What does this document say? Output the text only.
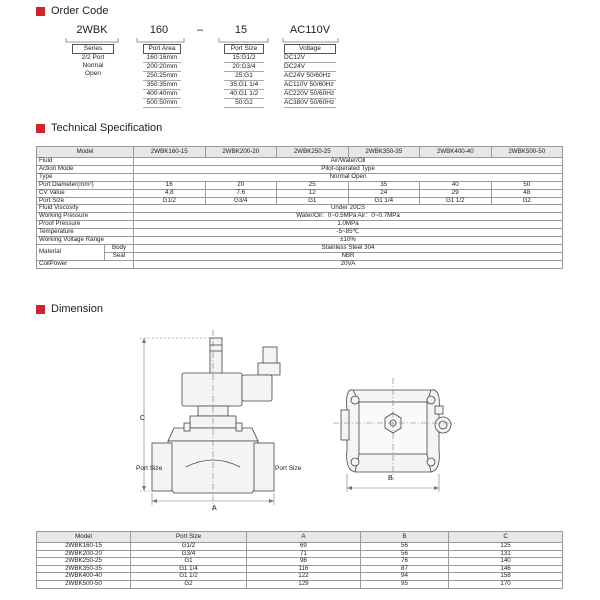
Order Code
2WBK	160	–	15	AC110V
Series
2/2 Port Normal
Open
Port Area
160:16mm
200:20mm
250:25mm
350:35mm
400:40mm
500:50mm
Port Size
15:G1/2
20:G3/4
25:G1
35:G1 1/4
40:G1 1/2
50:G2
Voltage
DC12V
DC24V
AC24V 50/60Hz
AC110V 50/60Hz
AC220V 50/60Hz
AC380V 50/60Hz
Technical Specification
Model		2WBK160-15	2WBK200-20	2WBK250-25	2WBK350-35	2WBK400-40	2WBK500-50
Fluid		Air/Water/Oil					
Action Mode		Pilot-operated Type					
Type		Normal Open					
Port Diameter(mm²)		16	20	25	35	40	50
CV Value		4.8	7.6	12	24	29	48
Port Size		G1/2	G3/4	G1	G1 1/4	G1 1/2	G2
Fluid Viscosity		Under 20CS					
Working Pressure		Water/Oil：0~0.5MPa Air：0~0.7MPa					
Proof Pressure		1.0MPa					
Temperature		-5~85℃					
Working Voltage Range		±10%					
Material	Body	Stainless Steel 304					
	Seal	NBR					
CoilPower		20VA					
Dimension
C
A
Port Size	Port Size
B
Model	Port Size	A	B	C
2WBK160-15	G1/2	69	56	125
2WBK200-20	G3/4	71	56	131
2WBK250-25	G1	98	76	140
2WBK350-35	G1 1/4	116	87	146
2WBK400-40	G1 1/2	122	94	158
2WBK500-50	G2	129	95	170
